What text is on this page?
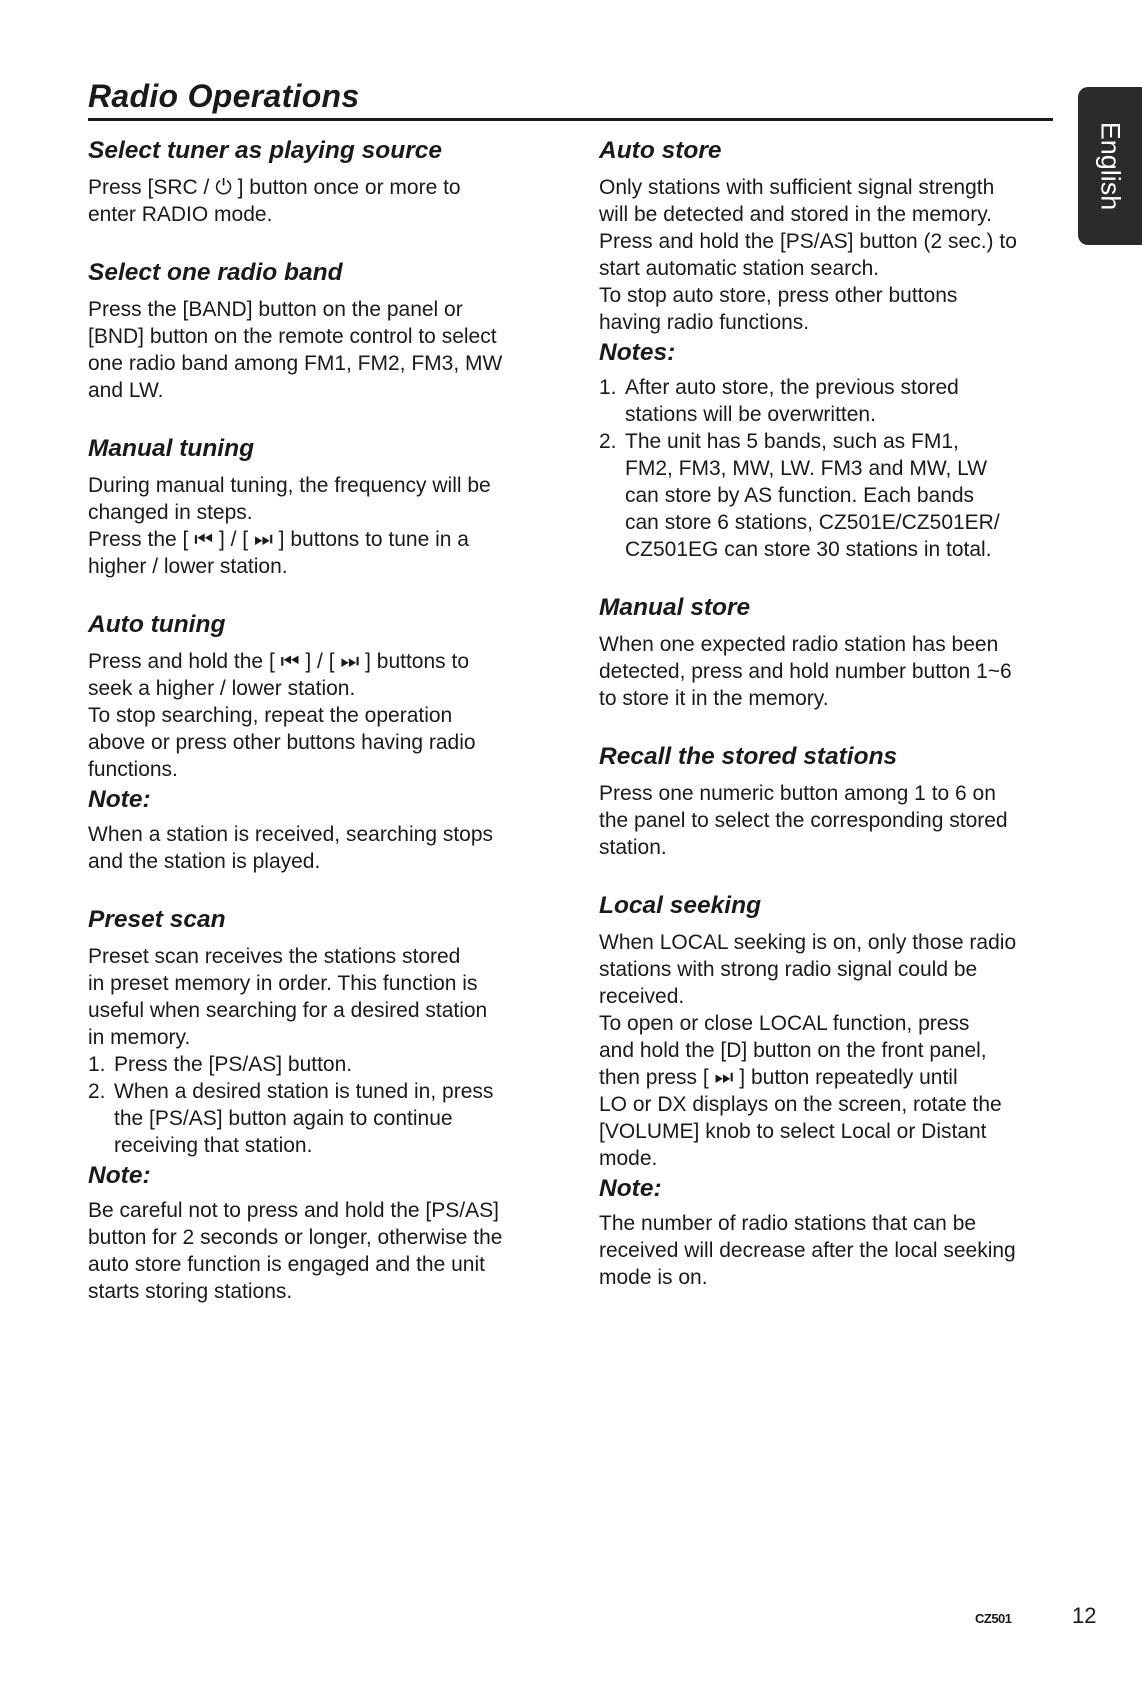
Radio Operations
English
Select tuner as playing source

Press [SRC / ⏻ ] button once or more to

enter RADIO mode.

Select one radio band

Press the [BAND] button on the panel or

[BND] button on the remote control to select

one radio band among FM1, FM2, FM3, MW

and LW.

Manual tuning

During manual tuning, the frequency will be

changed in steps.

Press the [ ⏮ ] / [ ⏭ ] buttons to tune in a

higher / lower station.

Auto tuning

Press and hold the [ ⏮ ] / [ ⏭ ] buttons to

seek a higher / lower station.

To stop searching, repeat the operation

above or press other buttons having radio

functions.

Note:

When a station is received, searching stops

and the station is played.

Preset scan

Preset scan receives the stations stored

in preset memory in order. This function is

useful when searching for a desired station

in memory.

1. Press the [PS/AS] button.
2. When a desired station is tuned in, press
the [PS/AS] button again to continue
receiving that station.
Note:

Be careful not to press and hold the [PS/AS]

button for 2 seconds or longer, otherwise the

auto store function is engaged and the unit

starts storing stations.

Auto store

Only stations with sufficient signal strength

will be detected and stored in the memory.

Press and hold the [PS/AS] button (2 sec.) to

start automatic station search.

To stop auto store, press other buttons

having radio functions.

Notes:
1. After auto store, the previous stored
stations will be overwritten.
2. The unit has 5 bands, such as FM1,
FM2, FM3, MW, LW. FM3 and MW, LW
can store by AS function. Each bands
can store 6 stations, CZ501E/CZ501ER/
CZ501EG can store 30 stations in total.
Manual store

When one expected radio station has been

detected, press and hold number button 1~6

to store it in the memory.

Recall the stored stations

Press one numeric button among 1 to 6 on

the panel to select the corresponding stored

station.

Local seeking

When LOCAL seeking is on, only those radio

stations with strong radio signal could be

received.

To open or close LOCAL function, press

and hold the [D] button on the front panel,

then press [ ⏭ ] button repeatedly until

LO or DX displays on the screen, rotate the

[VOLUME] knob to select Local or Distant

mode.

Note:

The number of radio stations that can be

received will decrease after the local seeking

mode is on.

CZ501	12
